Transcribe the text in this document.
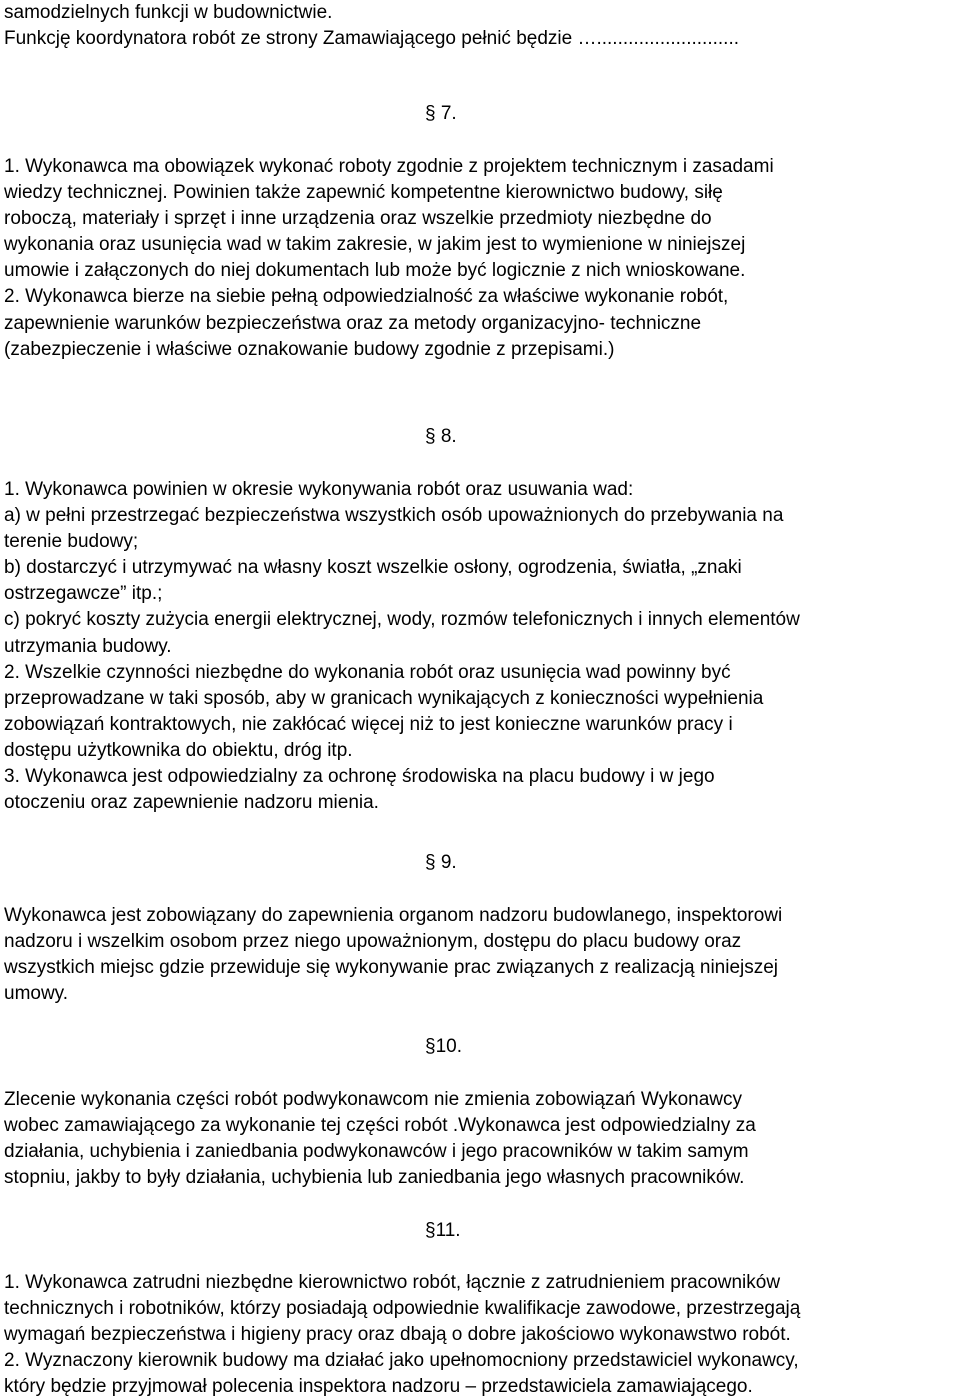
samodzielnych funkcji w budownictwie.
Funkcję koordynatora robót ze strony Zamawiającego pełnić będzie …...........................
§ 7.
1. Wykonawca ma obowiązek wykonać roboty zgodnie z projektem technicznym i zasadami
wiedzy technicznej. Powinien także zapewnić kompetentne kierownictwo budowy, siłę
roboczą, materiały i sprzęt i inne urządzenia oraz wszelkie przedmioty niezbędne do
wykonania oraz usunięcia wad w takim zakresie, w jakim jest to wymienione w niniejszej
umowie i załączonych do niej dokumentach lub może być logicznie z nich wnioskowane.
2. Wykonawca bierze na siebie pełną odpowiedzialność za właściwe wykonanie robót,
zapewnienie warunków bezpieczeństwa oraz za metody organizacyjno- techniczne
(zabezpieczenie i właściwe oznakowanie budowy zgodnie z przepisami.)
§ 8.
1. Wykonawca powinien w okresie wykonywania robót oraz usuwania wad:
a) w pełni przestrzegać bezpieczeństwa wszystkich osób upoważnionych do przebywania na
terenie budowy;
b) dostarczyć i utrzymywać na własny koszt wszelkie osłony, ogrodzenia, światła, „znaki
ostrzegawcze” itp.;
c) pokryć koszty zużycia energii elektrycznej, wody, rozmów telefonicznych i innych elementów
utrzymania budowy.
2. Wszelkie czynności niezbędne do wykonania robót oraz usunięcia wad powinny być
przeprowadzane w taki sposób, aby w granicach wynikających z konieczności wypełnienia
zobowiązań kontraktowych, nie zakłócać więcej niż to jest konieczne warunków pracy i
dostępu użytkownika do obiektu, dróg itp.
3. Wykonawca jest odpowiedzialny za ochronę środowiska na placu budowy i w jego
otoczeniu oraz zapewnienie nadzoru mienia.
§ 9.
Wykonawca jest zobowiązany do zapewnienia organom nadzoru budowlanego, inspektorowi
nadzoru i wszelkim osobom przez niego upoważnionym, dostępu do placu budowy oraz
wszystkich miejsc gdzie przewiduje się wykonywanie prac związanych z realizacją niniejszej
umowy.
§10.
Zlecenie wykonania części robót podwykonawcom nie zmienia zobowiązań Wykonawcy
wobec zamawiającego za wykonanie tej części robót .Wykonawca jest odpowiedzialny za
działania, uchybienia i zaniedbania podwykonawców i jego pracowników w takim samym
stopniu, jakby to były działania, uchybienia lub zaniedbania jego własnych pracowników.
§11.
1. Wykonawca zatrudni niezbędne kierownictwo robót, łącznie z zatrudnieniem pracowników
technicznych i robotników, którzy posiadają odpowiednie kwalifikacje zawodowe, przestrzegają
wymagań bezpieczeństwa i higieny pracy oraz dbają o dobre jakościowo wykonawstwo robót.
2. Wyznaczony kierownik budowy ma działać jako upełnomocniony przedstawiciel wykonawcy,
który będzie przyjmował polecenia inspektora nadzoru – przedstawiciela zamawiającego.
